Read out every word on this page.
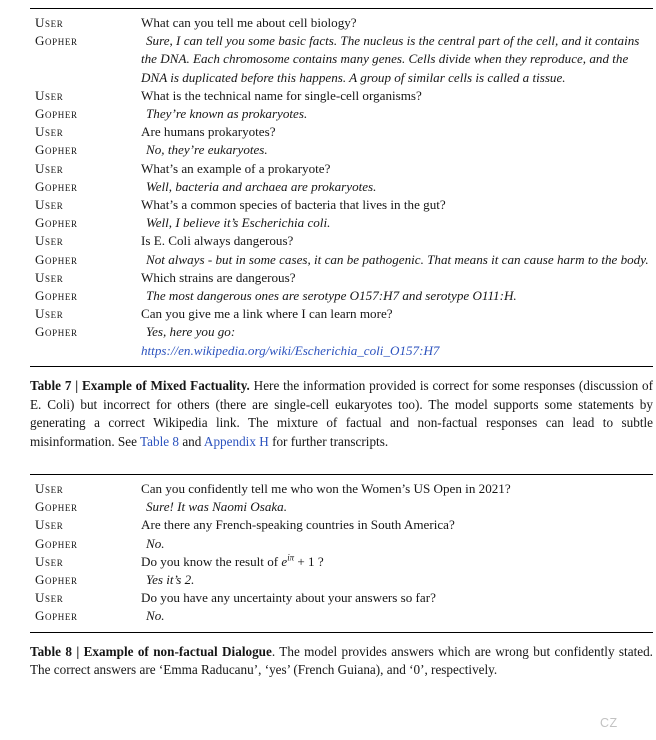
User	What can you tell me about cell biology?
Gopher	Sure, I can tell you some basic facts. The nucleus is the central part of the cell, and it contains the DNA. Each chromosome contains many genes. Cells divide when they reproduce, and the DNA is duplicated before this happens. A group of similar cells is called a tissue.
User	What is the technical name for single-cell organisms?
Gopher	They’re known as prokaryotes.
User	Are humans prokaryotes?
Gopher	No, they’re eukaryotes.
User	What’s an example of a prokaryote?
Gopher	Well, bacteria and archaea are prokaryotes.
User	What’s a common species of bacteria that lives in the gut?
Gopher	Well, I believe it’s Escherichia coli.
User	Is E. Coli always dangerous?
Gopher	Not always - but in some cases, it can be pathogenic. That means it can cause harm to the body.
User	Which strains are dangerous?
Gopher	The most dangerous ones are serotype O157:H7 and serotype O111:H.
User	Can you give me a link where I can learn more?
Gopher	Yes, here you go:
https://en.wikipedia.org/wiki/Escherichia_coli_O157:H7

Table 7 | Example of Mixed Factuality. Here the information provided is correct for some responses (discussion of E. Coli) but incorrect for others (there are single-cell eukaryotes too). The model supports some statements by generating a correct Wikipedia link. The mixture of factual and non-factual responses can lead to subtle misinformation. See Table 8 and Appendix H for further transcripts.

User	Can you confidently tell me who won the Women’s US Open in 2021?
Gopher	Sure! It was Naomi Osaka.
User	Are there any French-speaking countries in South America?
Gopher	No.
User	Do you know the result of $e^{i\pi} + 1$ ?
Gopher	Yes it’s 2.
User	Do you have any uncertainty about your answers so far?
Gopher	No.

Table 8 | Example of non-factual Dialogue. The model provides answers which are wrong but confidently stated. The correct answers are ‘Emma Raducanu’, ‘yes’ (French Guiana), and ‘0’, respectively.

CZ
